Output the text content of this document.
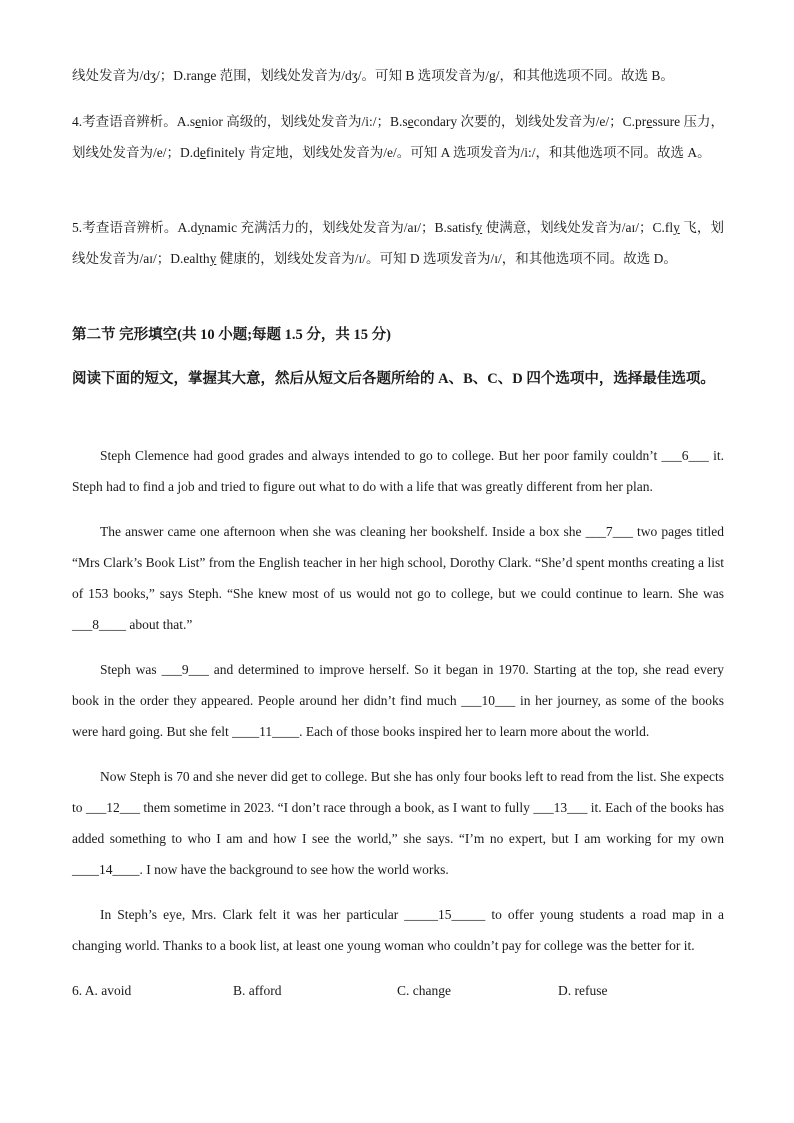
线处发音为/dʒ/；D.range 范围，划线处发音为/dʒ/。可知 B 选项发音为/g/，和其他选项不同。故选 B。
4.考查语音辨析。A.senior 高级的，划线处发音为/i:/；B.secondary 次要的，划线处发音为/e/；C.pressure 压力，划线处发音为/e/；D.definitely 肯定地，划线处发音为/e/。可知 A 选项发音为/i:/，和其他选项不同。故选 A。
5.考查语音辨析。A.dynamic 充满活力的，划线处发音为/aɪ/；B.satisfy 使满意，划线处发音为/aɪ/；C.fly 飞，划线处发音为/aɪ/；D.ealthy 健康的，划线处发音为/ɪ/。可知 D 选项发音为/ɪ/，和其他选项不同。故选 D。
第二节 完形填空(共 10 小题;每题 1.5 分，共 15 分)
阅读下面的短文，掌握其大意，然后从短文后各题所给的 A、B、C、D 四个选项中，选择最佳选项。
Steph Clemence had good grades and always intended to go to college. But her poor family couldn’t ___6___ it. Steph had to find a job and tried to figure out what to do with a life that was greatly different from her plan.
The answer came one afternoon when she was cleaning her bookshelf. Inside a box she ___7___ two pages titled “Mrs Clark’s Book List” from the English teacher in her high school, Dorothy Clark. “She’d spent months creating a list of 153 books,” says Steph. “She knew most of us would not go to college, but we could continue to learn. She was ___8____ about that.”
Steph was ___9___ and determined to improve herself. So it began in 1970. Starting at the top, she read every book in the order they appeared. People around her didn’t find much ___10___ in her journey, as some of the books were hard going. But she felt ____11____. Each of those books inspired her to learn more about the world.
Now Steph is 70 and she never did get to college. But she has only four books left to read from the list. She expects to ___12___ them sometime in 2023. “I don’t race through a book, as I want to fully ___13___ it. Each of the books has added something to who I am and how I see the world,” she says. “I’m no expert, but I am working for my own ____14____. I now have the background to see how the world works.
In Steph’s eye, Mrs. Clark felt it was her particular _____15_____ to offer young students a road map in a changing world. Thanks to a book list, at least one young woman who couldn’t pay for college was the better for it.
6. A. avoid	B. afford	C. change	D. refuse
